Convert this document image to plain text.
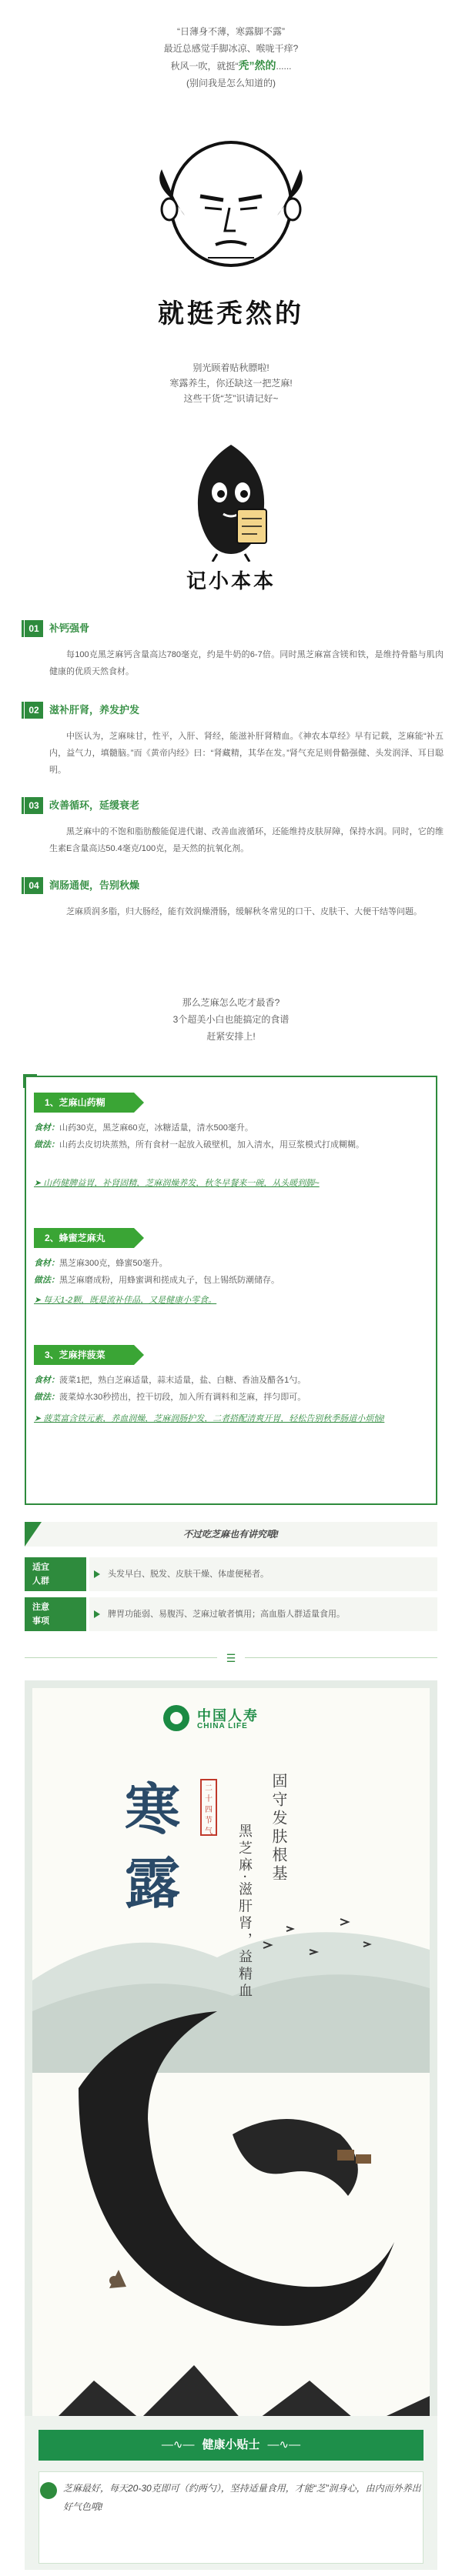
“日薄身不薄，寒露脚不露”
最近总感觉手脚冰凉、喉咙干痒?
秋风一吹，就挺“秃”然的......
(别问我是怎么知道的)
就挺秃然的
别光顾着贴秋膘啦!
寒露养生，你还缺这一把芝麻!
这些干货“芝”识请记好~
记小本本
01	补钙强骨
每100克黑芝麻钙含量高达780毫克，约是牛奶的6-7倍。同时黑芝麻富含镁和铁，是维持骨骼与肌肉健康的优质天然食材。
02	滋补肝肾，养发护发
中医认为，芝麻味甘，性平，入肝、肾经，能滋补肝肾精血。《神农本草经》早有记载，芝麻能“补五内，益气力，填髓脑。”而《黄帝内经》曰：“肾藏精，其华在发。”肾气充足则骨骼强健、头发润泽、耳目聪明。
03	改善循环，延缓衰老
黑芝麻中的不饱和脂肪酸能促进代谢、改善血液循环，还能维持皮肤屏障，保持水润。同时，它的维生素E含量高达50.4毫克/100克，是天然的抗氧化剂。
04	润肠通便，告别秋燥
芝麻质润多脂，归大肠经，能有效润燥滑肠，缓解秋冬常见的口干、皮肤干、大便干结等问题。
那么芝麻怎么吃才最香?
3个超美小白也能搞定的食谱
赶紧安排上!
1、芝麻山药糊
食材：山药30克，黑芝麻60克，冰糖适量，清水500毫升。
做法：山药去皮切块蒸熟，所有食材一起放入破壁机，加入清水，用豆浆模式打成糊糊。
➤ 山药健脾益胃，补肾固精，芝麻润燥养发，秋冬早餐来一碗，从头暖到脚~
2、蜂蜜芝麻丸
食材：黑芝麻300克，蜂蜜50毫升。
做法：黑芝麻磨成粉，用蜂蜜调和搓成丸子，包上锡纸防潮储存。
➤ 每天1-2颗，既是流补佳品，又是健康小零食。
3、芝麻拌菠菜
食材：菠菜1把，熟白芝麻适量，蒜末适量，盐、白糖、香油及醋各1勺。
做法：菠菜焯水30秒捞出，控干切段，加入所有调料和芝麻，拌匀即可。
➤ 菠菜富含铁元素，养血润燥，芝麻润肠护发，二者搭配清爽开胃，轻松告别秋季肠道小烦恼!
不过吃芝麻也有讲究哦!
适宜
人群
头发早白、脱发、皮肤干燥、体虚便秘者。
注意
事项
脾胃功能弱、易腹泻、芝麻过敏者慎用；高血脂人群适量食用。
☰
中国人寿
CHINA LIFE
寒露
二十四节气	固守发肤根基
黑芝麻·滋肝肾，益精血
—∿— 健康小贴士 —∿—
芝麻最好，每天20-30克即可（约两勺），坚持适量食用，才能“芝”润身心，由内而外养出好气色哦!
